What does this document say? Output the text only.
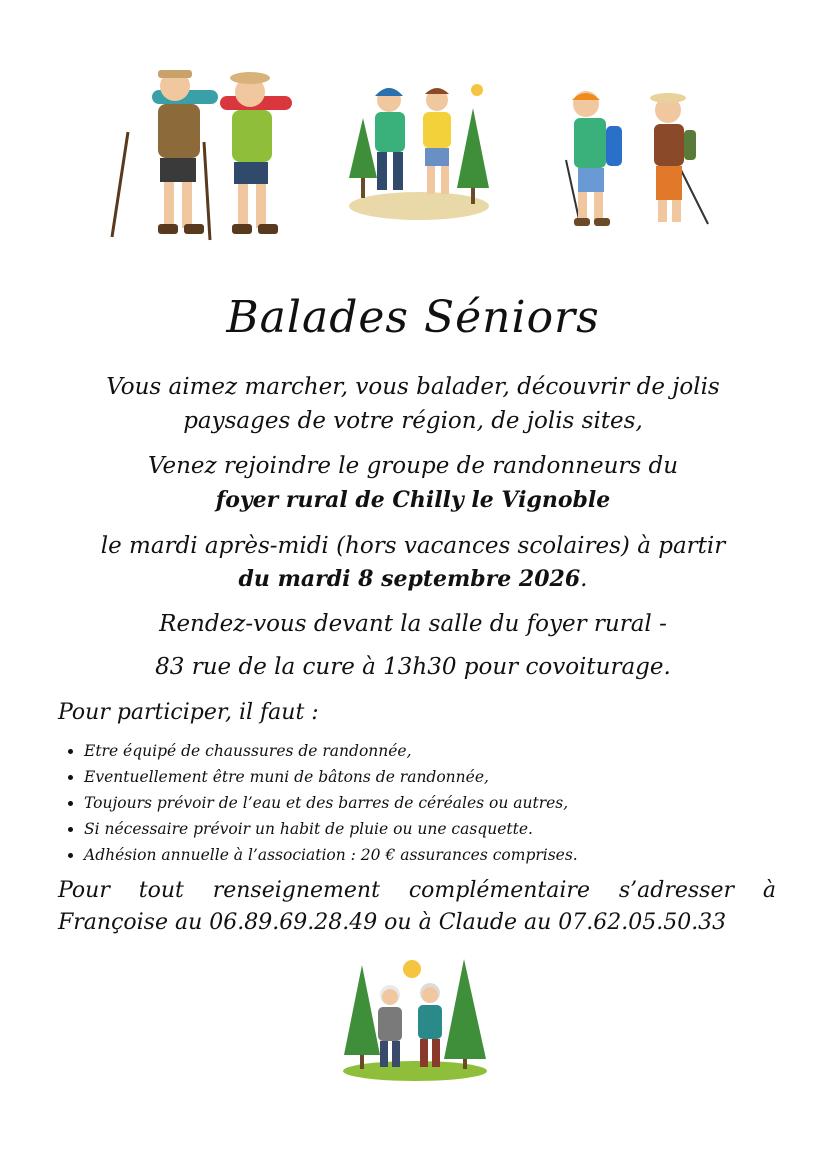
Balades Séniors
Vous aimez marcher, vous balader, découvrir de jolis
paysages de votre région, de jolis sites,
Venez rejoindre le groupe de randonneurs du
foyer rural de Chilly le Vignoble
le mardi après-midi (hors vacances scolaires) à partir
du mardi 8 septembre 2026.
Rendez-vous devant la salle du foyer rural -
83 rue de la cure à 13h30 pour covoiturage.
Pour participer, il faut :
• Etre équipé de chaussures de randonnée,
• Eventuellement être muni de bâtons de randonnée,
• Toujours prévoir de l’eau et des barres de céréales ou autres,
• Si nécessaire prévoir un habit de pluie ou une casquette.
• Adhésion annuelle à l’association : 20 € assurances comprises.
Pour tout renseignement complémentaire s’adresser à
Françoise au 06.89.69.28.49 ou à Claude au 07.62.05.50.33
